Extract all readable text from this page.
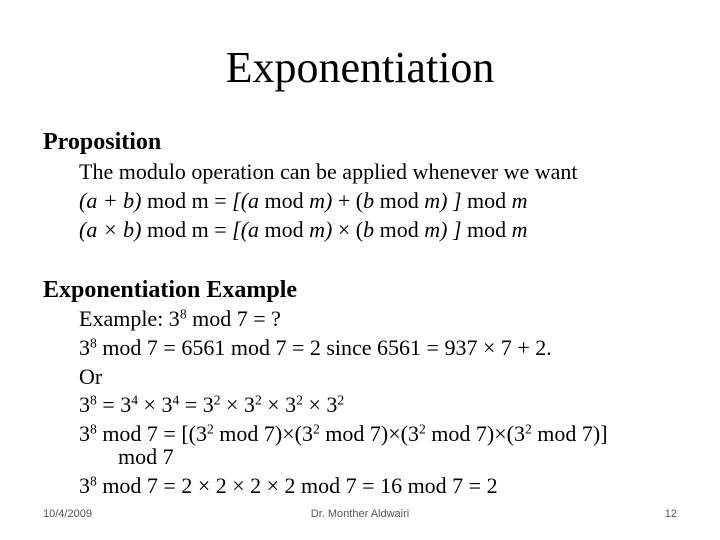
Exponentiation
Proposition
The modulo operation can be applied whenever we want
(a + b) mod m = [(a mod m) + (b mod m) ] mod m
(a × b) mod m = [(a mod m) × (b mod m) ] mod m
Exponentiation Example
Example: $3^8$ mod 7 = ?
$3^8$ mod 7 = 6561 mod 7 = 2 since 6561 = 937 × 7 + 2.
Or
$3^8 = 3^4 \times 3^4 = 3^2 \times 3^2 \times 3^2 \times 3^2$
$3^8$ mod $7 = [(3^2$ mod $7)\times(3^2$ mod $7)\times(3^2$ mod $7)\times(3^2$ mod 7)]
mod 7
$3^8$ mod 7 = 2 × 2 × 2 × 2 mod 7 = 16 mod 7 = 2
10/4/2009	Dr. Monther Aldwairi	12
